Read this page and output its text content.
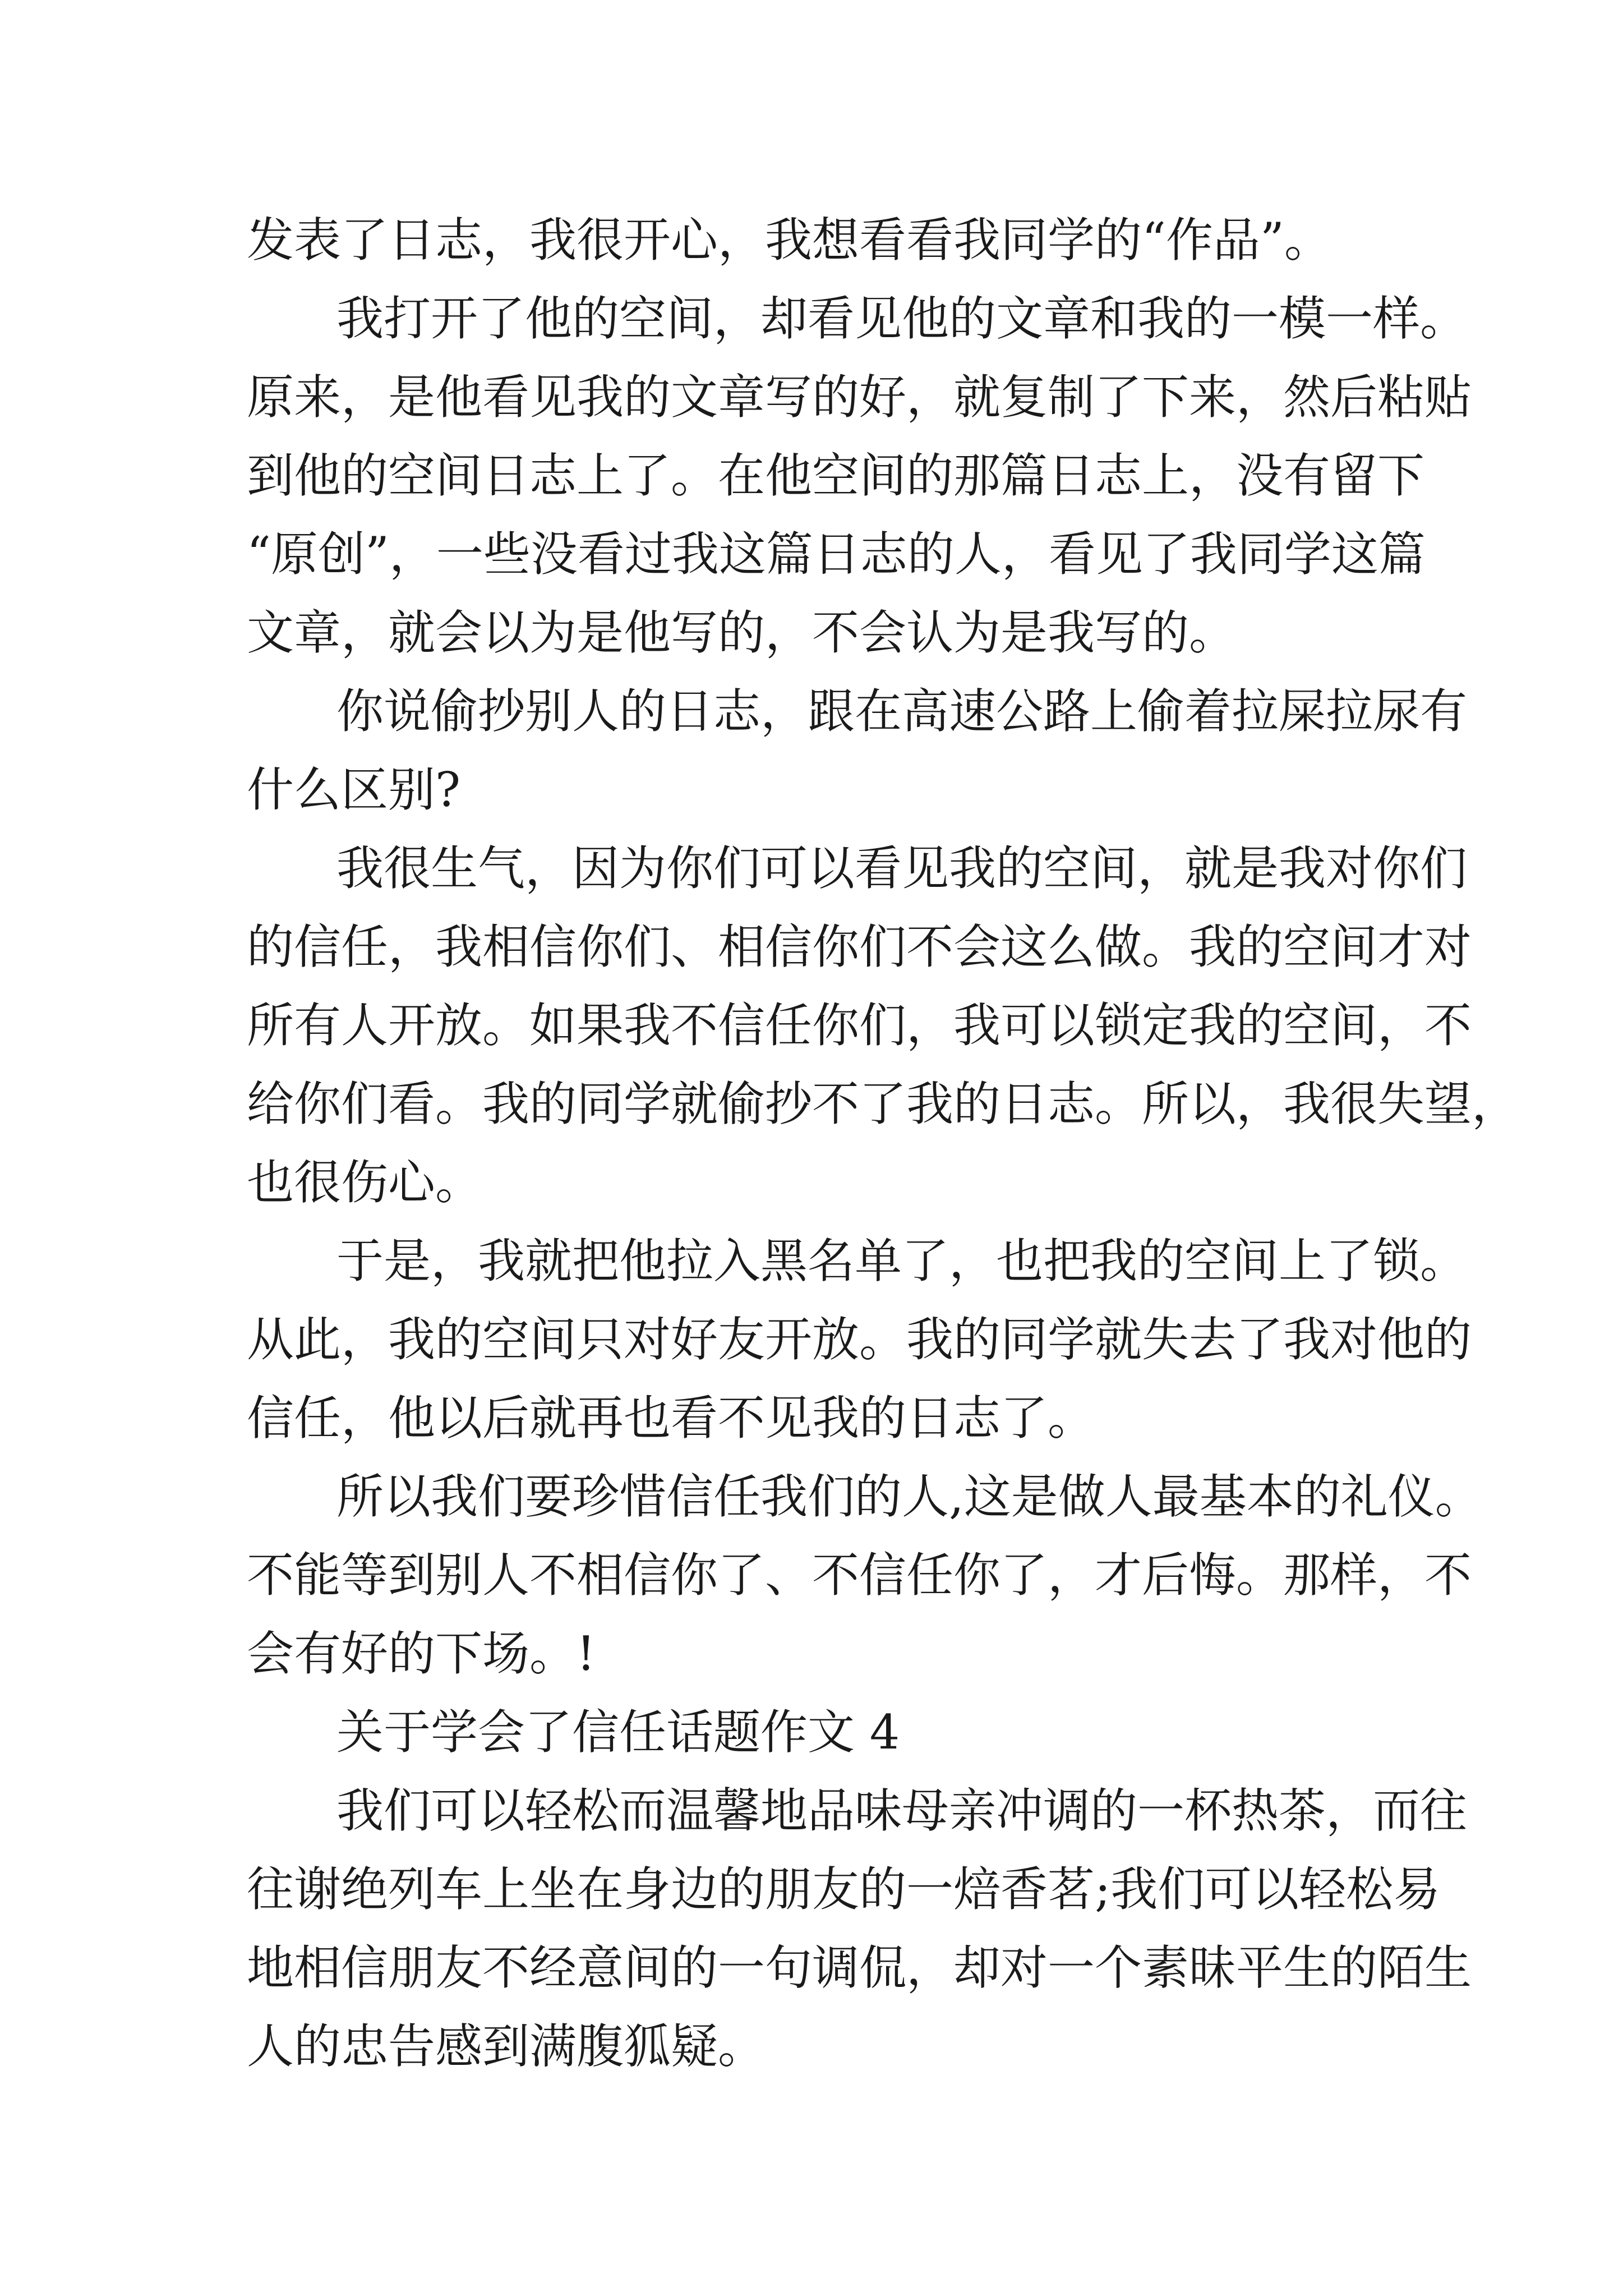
发表了日志，我很开心，我想看看我同学的“作品”。
我打开了他的空间，却看见他的文章和我的一模一样。
原来，是他看见我的文章写的好，就复制了下来，然后粘贴
到他的空间日志上了。在他空间的那篇日志上，没有留下
“原创”，一些没看过我这篇日志的人，看见了我同学这篇
文章，就会以为是他写的，不会认为是我写的。
你说偷抄别人的日志，跟在高速公路上偷着拉屎拉尿有
什么区别?
我很生气，因为你们可以看见我的空间，就是我对你们
的信任，我相信你们、相信你们不会这么做。我的空间才对
所有人开放。如果我不信任你们，我可以锁定我的空间，不
给你们看。我的同学就偷抄不了我的日志。所以，我很失望，
也很伤心。
于是，我就把他拉入黑名单了，也把我的空间上了锁。
从此，我的空间只对好友开放。我的同学就失去了我对他的
信任，他以后就再也看不见我的日志了。
所以我们要珍惜信任我们的人,这是做人最基本的礼仪。
不能等到别人不相信你了、不信任你了，才后悔。那样，不
会有好的下场。!
关于学会了信任话题作文 4
我们可以轻松而温馨地品味母亲冲调的一杯热茶，而往
往谢绝列车上坐在身边的朋友的一焙香茗;我们可以轻松易
地相信朋友不经意间的一句调侃，却对一个素昧平生的陌生
人的忠告感到满腹狐疑。
